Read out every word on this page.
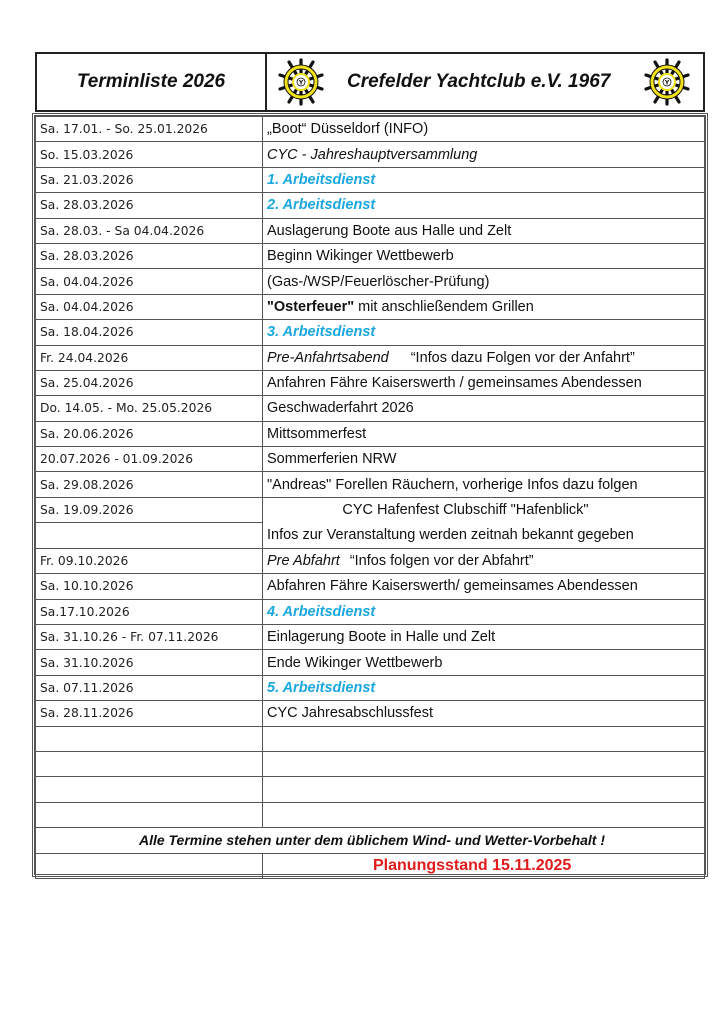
Terminliste 2026	Y Crefelder Yachtclub e.V. 1967	Y
Sa. 17.01. - So. 25.01.2026	„Boot“ Düsseldorf (INFO)
So. 15.03.2026	CYC - Jahreshauptversammlung
Sa. 21.03.2026	1. Arbeitsdienst
Sa. 28.03.2026	2. Arbeitsdienst
Sa. 28.03. - Sa 04.04.2026	Auslagerung Boote aus Halle und Zelt
Sa. 28.03.2026	Beginn Wikinger Wettbewerb
Sa. 04.04.2026	(Gas-/WSP/Feuerlöscher-Prüfung)
Sa. 04.04.2026	"Osterfeuer" mit anschließendem Grillen
Sa. 18.04.2026	3. Arbeitsdienst
Fr. 24.04.2026	Pre-Anfahrtsabend “Infos dazu Folgen vor der Anfahrt”
Sa. 25.04.2026	Anfahren Fähre Kaiserswerth / gemeinsames Abendessen
Do. 14.05. - Mo. 25.05.2026	Geschwaderfahrt 2026
Sa. 20.06.2026	Mittsommerfest
20.07.2026 - 01.09.2026	Sommerferien NRW
Sa. 29.08.2026	"Andreas" Forellen Räuchern, vorherige Infos dazu folgen
Sa. 19.09.2026	CYC Hafenfest Clubschiff "Hafenblick"
Infos zur Veranstaltung werden zeitnah bekannt gegeben

Fr. 09.10.2026	Pre Abfahrt “Infos folgen vor der Abfahrt”
Sa. 10.10.2026	Abfahren Fähre Kaiserswerth/ gemeinsames Abendessen
Sa.17.10.2026	4. Arbeitsdienst
Sa. 31.10.26 - Fr. 07.11.2026	Einlagerung Boote in Halle und Zelt
Sa. 31.10.2026	Ende Wikinger Wettbewerb
Sa. 07.11.2026	5. Arbeitsdienst
Sa. 28.11.2026	CYC Jahresabschlussfest

Alle Termine stehen unter dem üblichem Wind- und Wetter-Vorbehalt !	
	Planungsstand 15.11.2025
